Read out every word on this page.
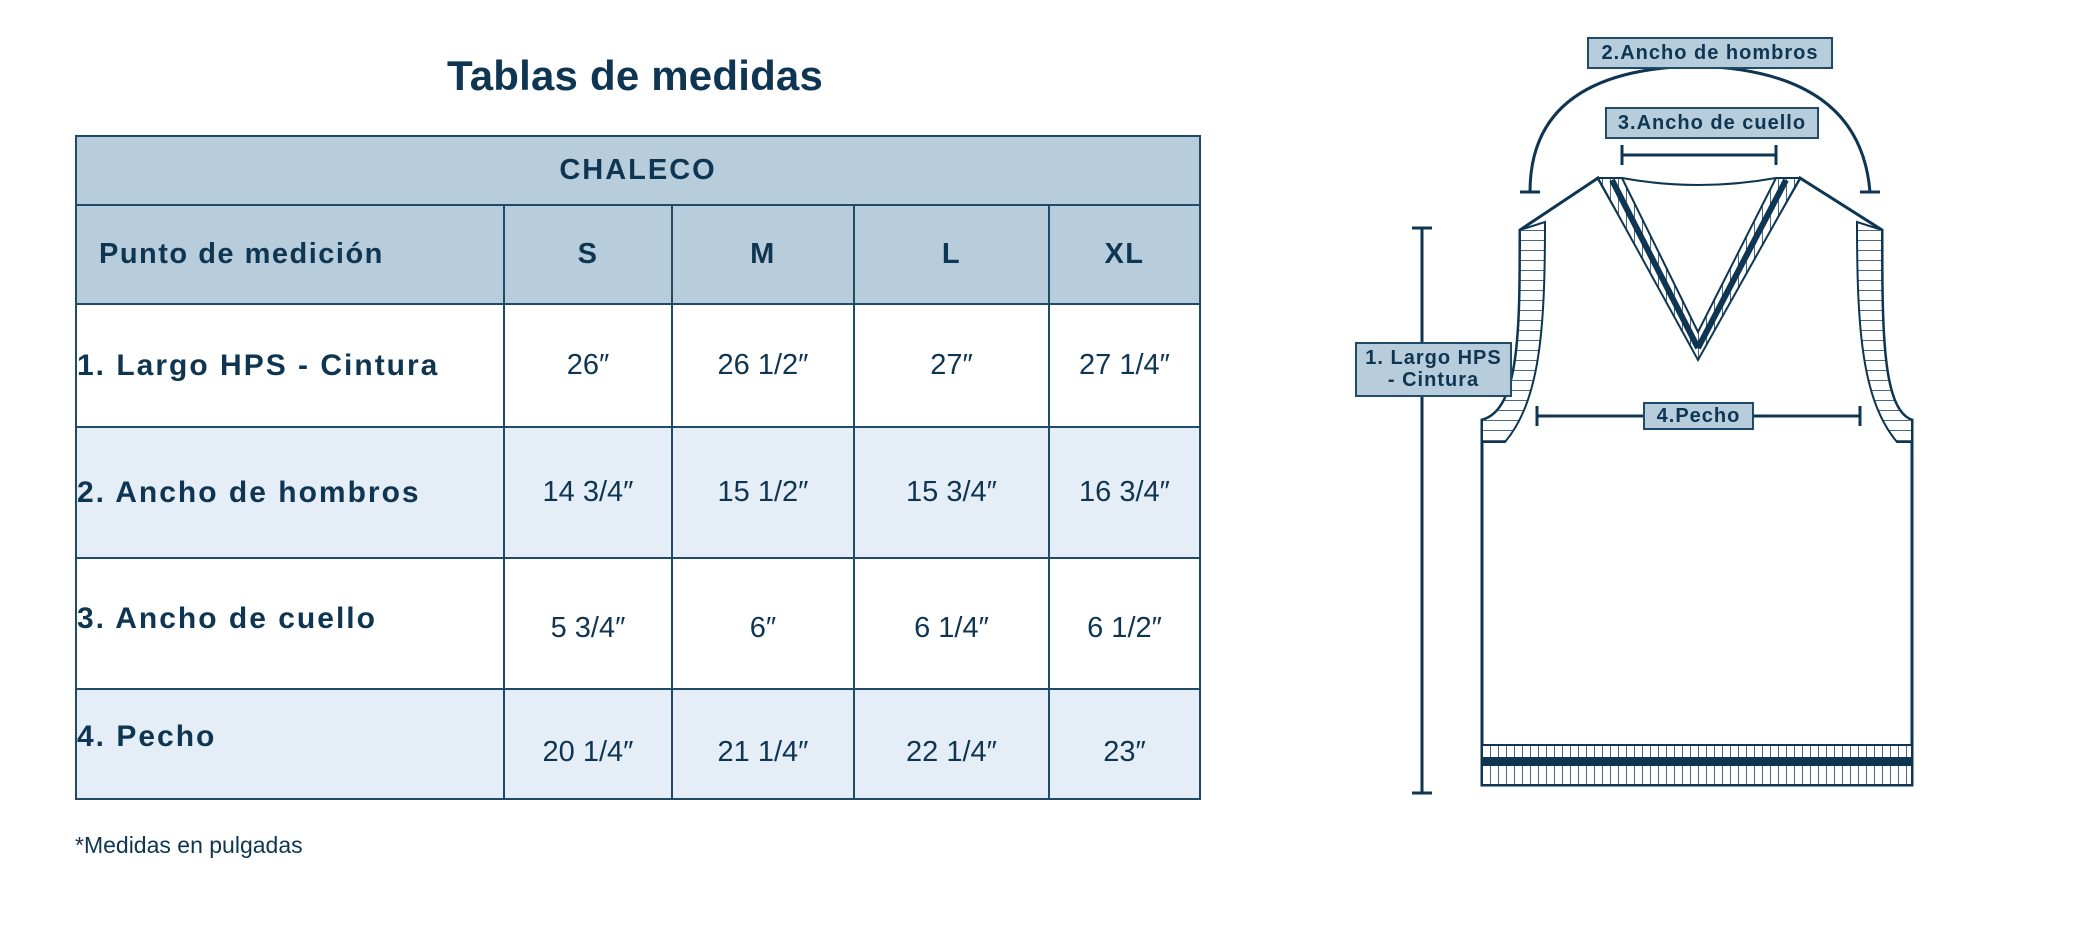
Tablas de medidas
CHALECO				
Punto de medición	S	M	L	XL
1. Largo HPS - Cintura	26″	26 1/2″	27″	27 1/4″
2. Ancho de hombros	14 3/4″	15 1/2″	15 3/4″	16 3/4″
3. Ancho de cuello	5 3/4″	6″	6 1/4″	6 1/2″
4. Pecho	20 1/4″	21 1/4″	22 1/4″	23″
*Medidas en pulgadas
2.Ancho de hombros
3.Ancho de cuello
1. Largo HPS
- Cintura
4.Pecho
